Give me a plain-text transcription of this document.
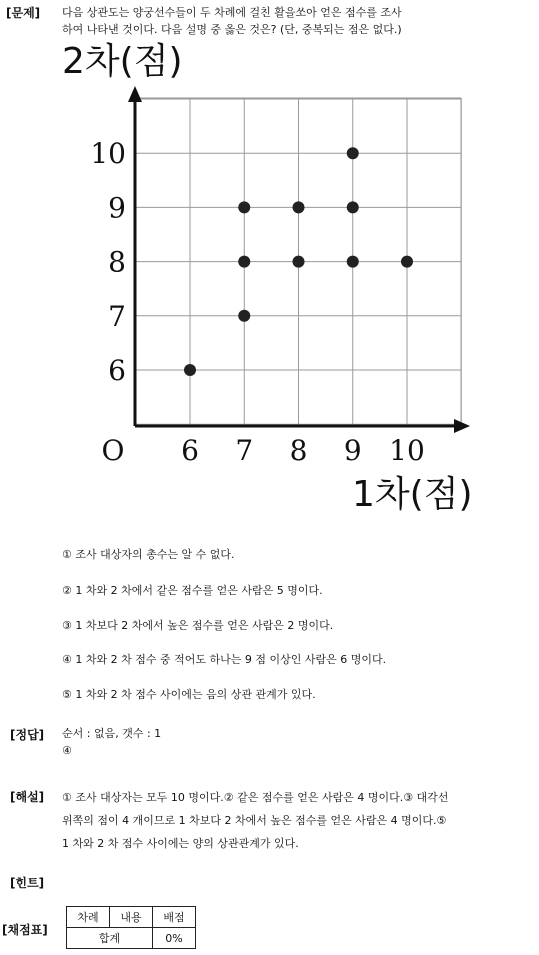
[문제] 다음 상관도는 양궁선수들이 두 차례에 걸친 활을쏘아 얻은 점수를 조사
하여 나타낸 것이다. 다음 설명 중 옳은 것은? (단, 중복되는 점은 없다.)
2차(점)
1차(점)
O 6 7 8 9 10
6
7
8
9
10
① 조사 대상자의 총수는 알 수 없다.
② 1 차와 2 차에서 같은 점수를 얻은 사람은 5 명이다.
③ 1 차보다 2 차에서 높은 점수를 얻은 사람은 2 명이다.
④ 1 차와 2 차 점수 중 적어도 하나는 9 점 이상인 사람은 6 명이다.
⑤ 1 차와 2 차 점수 사이에는 음의 상관 관계가 있다.
[정답] 순서 : 없음, 갯수 : 1
④
[해설] ① 조사 대상자는 모두 10 명이다.② 같은 점수를 얻은 사람은 4 명이다.③ 대각선
위쪽의 점이 4 개이므로 1 차보다 2 차에서 높은 점수를 얻은 사람은 4 명이다.⑤
1 차와 2 차 점수 사이에는 양의 상관관계가 있다.
[힌트]
[채점표]
차례	내용	배점
합계		0%
